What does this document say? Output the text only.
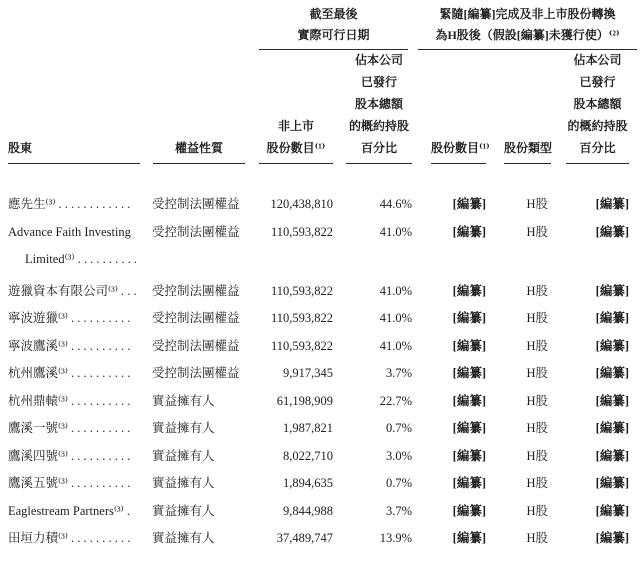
截至最後
實際可行日期
緊隨[編纂]完成及非上市股份轉換
為H股後（假設[編纂]未獲行使）⁽²⁾
股東	權益性質
非上市
股份數目⁽¹⁾
佔本公司
已發行
股本總額
的概約持股
百分比	股份數目⁽¹⁾ 股份類型
佔本公司
已發行
股本總額
的概約持股
百分比
應先生⁽³⁾ . . . . . . . . . . . .	受控制法團權益	120,438,810	44.6%	[編纂]	H股	[編纂]
Advance Faith Investing
Limited⁽³⁾ . . . . . . . . . .
受控制法團權益	110,593,822	41.0%	[編纂]	H股	[編纂]
遊獵資本有限公司⁽³⁾ . . .	受控制法團權益	110,593,822	41.0%	[編纂]	H股	[編纂]
寧波遊獵⁽³⁾ . . . . . . . . . .	受控制法團權益	110,593,822	41.0%	[編纂]	H股	[編纂]
寧波鷹溪⁽³⁾ . . . . . . . . . .	受控制法團權益	110,593,822	41.0%	[編纂]	H股	[編纂]
杭州鷹溪⁽³⁾ . . . . . . . . . .	受控制法團權益	9,917,345	3.7%	[編纂]	H股	[編纂]
杭州鼎轅⁽³⁾ . . . . . . . . . .	實益擁有人	61,198,909	22.7%	[編纂]	H股	[編纂]
鷹溪一號⁽³⁾ . . . . . . . . . .	實益擁有人	1,987,821	0.7%	[編纂]	H股	[編纂]
鷹溪四號⁽³⁾ . . . . . . . . . .	實益擁有人	8,022,710	3.0%	[編纂]	H股	[編纂]
鷹溪五號⁽³⁾ . . . . . . . . . .	實益擁有人	1,894,635	0.7%	[編纂]	H股	[編纂]
Eaglestream Partners⁽³⁾ .	實益擁有人	9,844,988	3.7%	[編纂]	H股	[編纂]
田垣力積⁽³⁾ . . . . . . . . . .	實益擁有人	37,489,747	13.9%	[編纂]	H股	[編纂]
